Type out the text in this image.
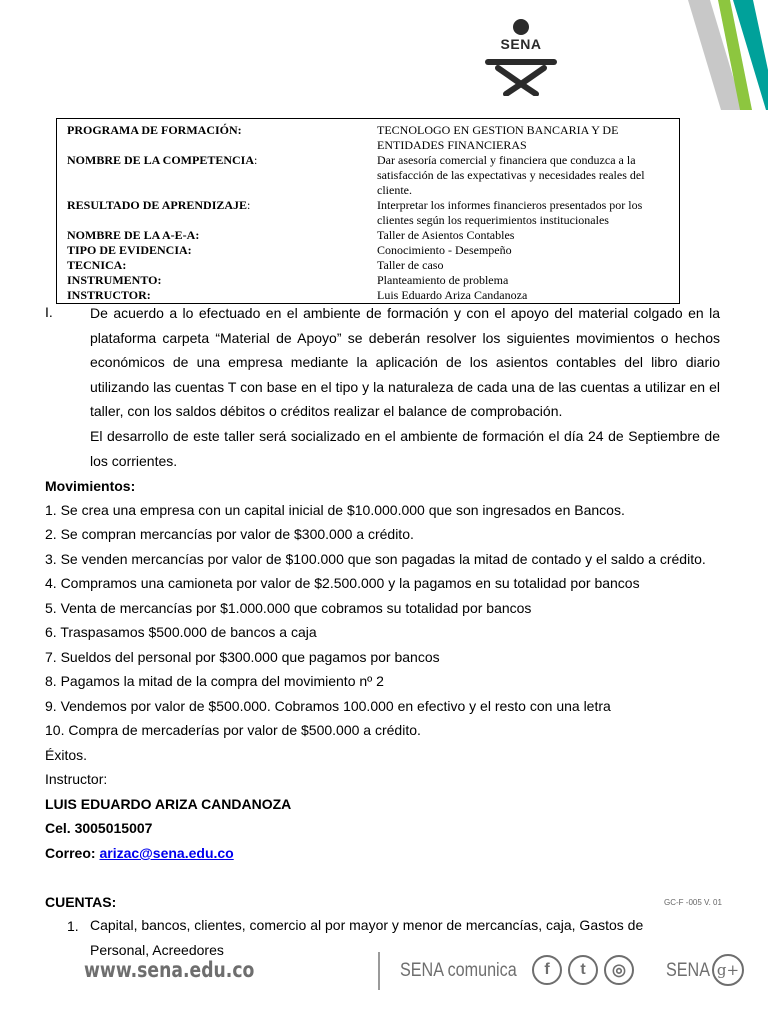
SENA
PROGRAMA DE FORMACIÓN:	TECNOLOGO EN GESTION BANCARIA Y DE ENTIDADES FINANCIERAS
NOMBRE DE LA COMPETENCIA:	Dar asesoría comercial y financiera que conduzca a la satisfacción de las expectativas y necesidades reales del cliente.
RESULTADO DE APRENDIZAJE:	Interpretar los informes financieros presentados por los clientes según los requerimientos institucionales
NOMBRE DE LA A-E-A:	Taller de Asientos Contables
TIPO DE EVIDENCIA:	Conocimiento - Desempeño
TECNICA:	Taller de caso
INSTRUMENTO:	Planteamiento de problema
INSTRUCTOR:	Luis Eduardo Ariza Candanoza
I.	De acuerdo a lo efectuado en el ambiente de formación y con el apoyo del material colgado en la plataforma carpeta “Material de Apoyo” se deberán resolver los siguientes movimientos o hechos económicos de una empresa mediante la aplicación de los asientos contables del libro diario utilizando las cuentas T con base en el tipo y la naturaleza de cada una de las cuentas a utilizar en el taller, con los saldos débitos o créditos realizar el balance de comprobación.
El desarrollo de este taller será socializado en el ambiente de formación el día 24 de Septiembre de los corrientes.
Movimientos:
1. Se crea una empresa con un capital inicial de $10.000.000 que son ingresados en Bancos.
2. Se compran mercancías por valor de $300.000 a crédito.
3. Se venden mercancías por valor de $100.000 que son pagadas la mitad de contado y el saldo a crédito.
4. Compramos una camioneta por valor de $2.500.000 y la pagamos en su totalidad por bancos
5. Venta de mercancías por $1.000.000 que cobramos su totalidad por bancos
6. Traspasamos $500.000 de bancos a caja
7. Sueldos del personal por $300.000 que pagamos por bancos
8. Pagamos la mitad de la compra del movimiento nº 2
9. Vendemos por valor de $500.000. Cobramos 100.000 en efectivo y el resto con una letra
10. Compra de mercaderías por valor de $500.000 a crédito.
Éxitos.
Instructor:
LUIS EDUARDO ARIZA CANDANOZA
Cel. 3005015007
Correo: arizac@sena.edu.co
CUENTAS:	GC-F -005 V. 01
1. Capital, bancos, clientes, comercio al por mayor y menor de mercancías, caja, Gastos de Personal, Acreedores
www.sena.edu.co	SENA comunica f t ◎ SENA g+
